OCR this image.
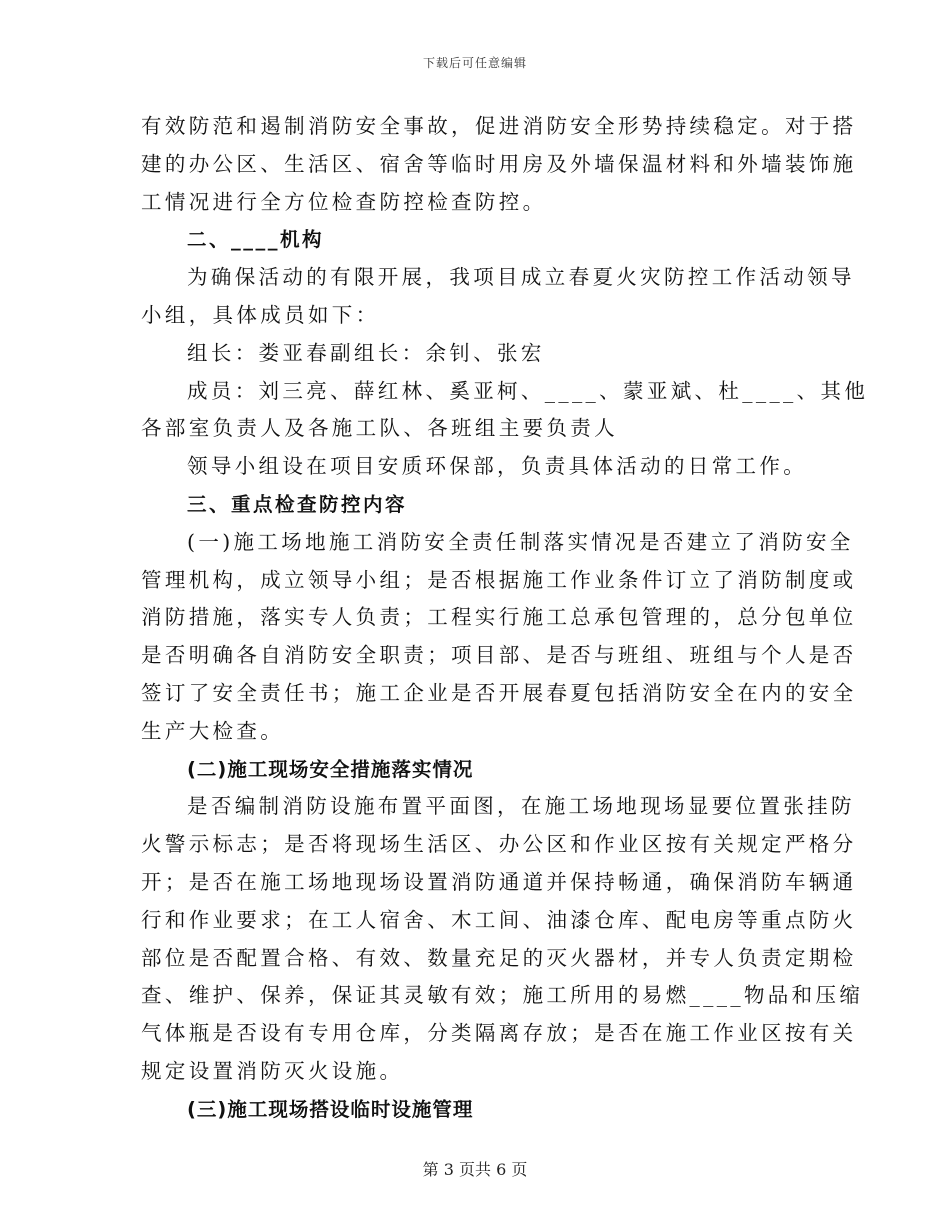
下载后可任意编辑
有效防范和遏制消防安全事故，促进消防安全形势持续稳定。对于搭
建的办公区、生活区、宿舍等临时用房及外墙保温材料和外墙装饰施
工情况进行全方位检查防控检查防控。
二、____机构
为确保活动的有限开展，我项目成立春夏火灾防控工作活动领导
小组，具体成员如下：
组长：娄亚春副组长：余钊、张宏
成员：刘三亮、薛红林、奚亚柯、____、蒙亚斌、杜____、其他
各部室负责人及各施工队、各班组主要负责人
领导小组设在项目安质环保部，负责具体活动的日常工作。
三、重点检查防控内容
(一)施工场地施工消防安全责任制落实情况是否建立了消防安全
管理机构，成立领导小组；是否根据施工作业条件订立了消防制度或
消防措施，落实专人负责；工程实行施工总承包管理的，总分包单位
是否明确各自消防安全职责；项目部、是否与班组、班组与个人是否
签订了安全责任书；施工企业是否开展春夏包括消防安全在内的安全
生产大检查。
(二)施工现场安全措施落实情况
是否编制消防设施布置平面图，在施工场地现场显要位置张挂防
火警示标志；是否将现场生活区、办公区和作业区按有关规定严格分
开；是否在施工场地现场设置消防通道并保持畅通，确保消防车辆通
行和作业要求；在工人宿舍、木工间、油漆仓库、配电房等重点防火
部位是否配置合格、有效、数量充足的灭火器材，并专人负责定期检
查、维护、保养，保证其灵敏有效；施工所用的易燃____物品和压缩
气体瓶是否设有专用仓库，分类隔离存放；是否在施工作业区按有关
规定设置消防灭火设施。
(三)施工现场搭设临时设施管理
第 3 页共 6 页
